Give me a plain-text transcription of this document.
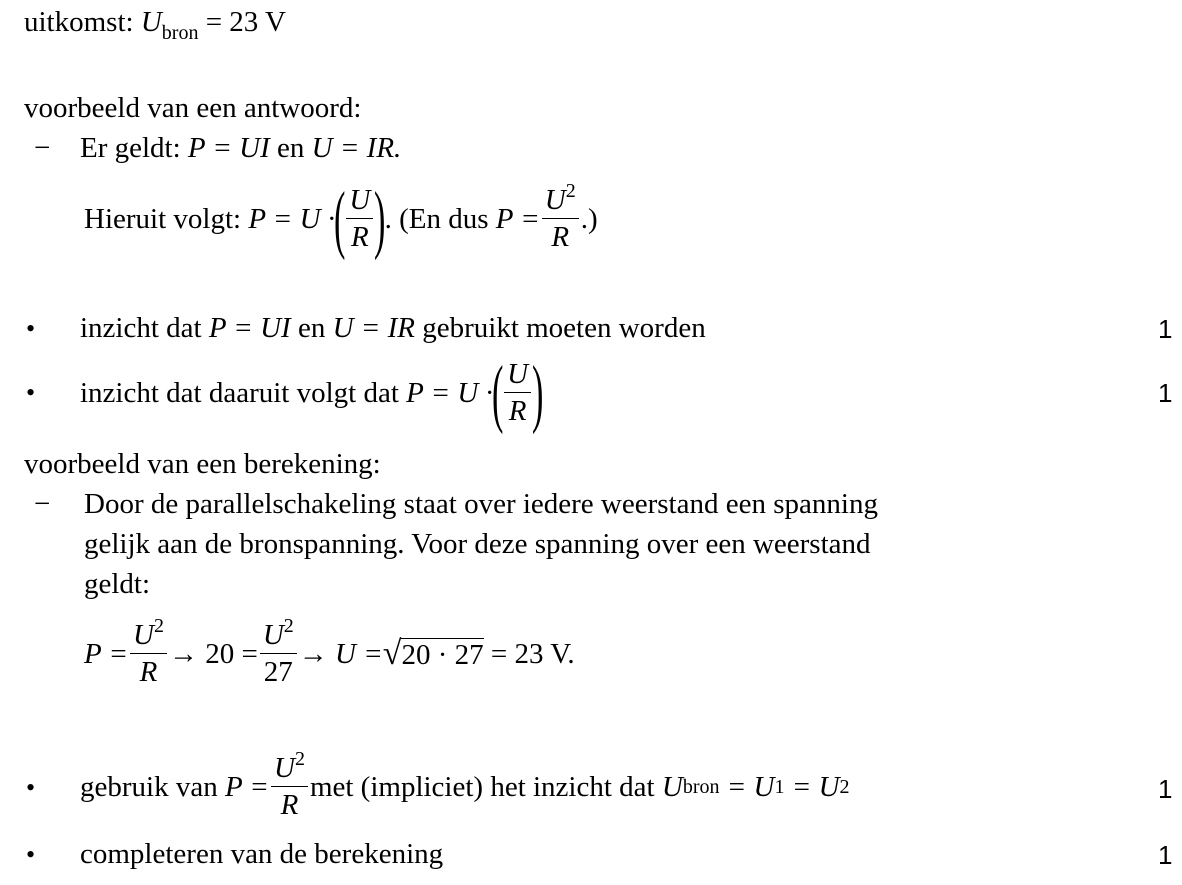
uitkomst: $U_{bron} = 23$ V
voorbeeld van een antwoord:
− Er geldt: P = UI en U = IR.
Hieruit volgt:
P = U ·
( $\frac{U}{R}$ )
. (En dus
$P = \frac{U^2}{R}$ .)
• inzicht dat P = UI en U = IR gebruikt moeten worden	1
• inzicht dat daaruit volgt dat
P = U ·
( $\frac{U}{R}$ )	1
voorbeeld van een berekening:
− Door de parallelschakeling staat over iedere weerstand een spanning
gelijk aan de bronspanning. Voor deze spanning over een weerstand
geldt:
$P = \frac{U^2}{R} \to 20 = \frac{U^2}{27}$ →
U = √ 20 · 27
= 23 V.
• gebruik van
$P = \frac{U^2}{R}$ met (impliciet) het inzicht dat
U bron
= U 1
= U 2	1
• completeren van de berekening	1
